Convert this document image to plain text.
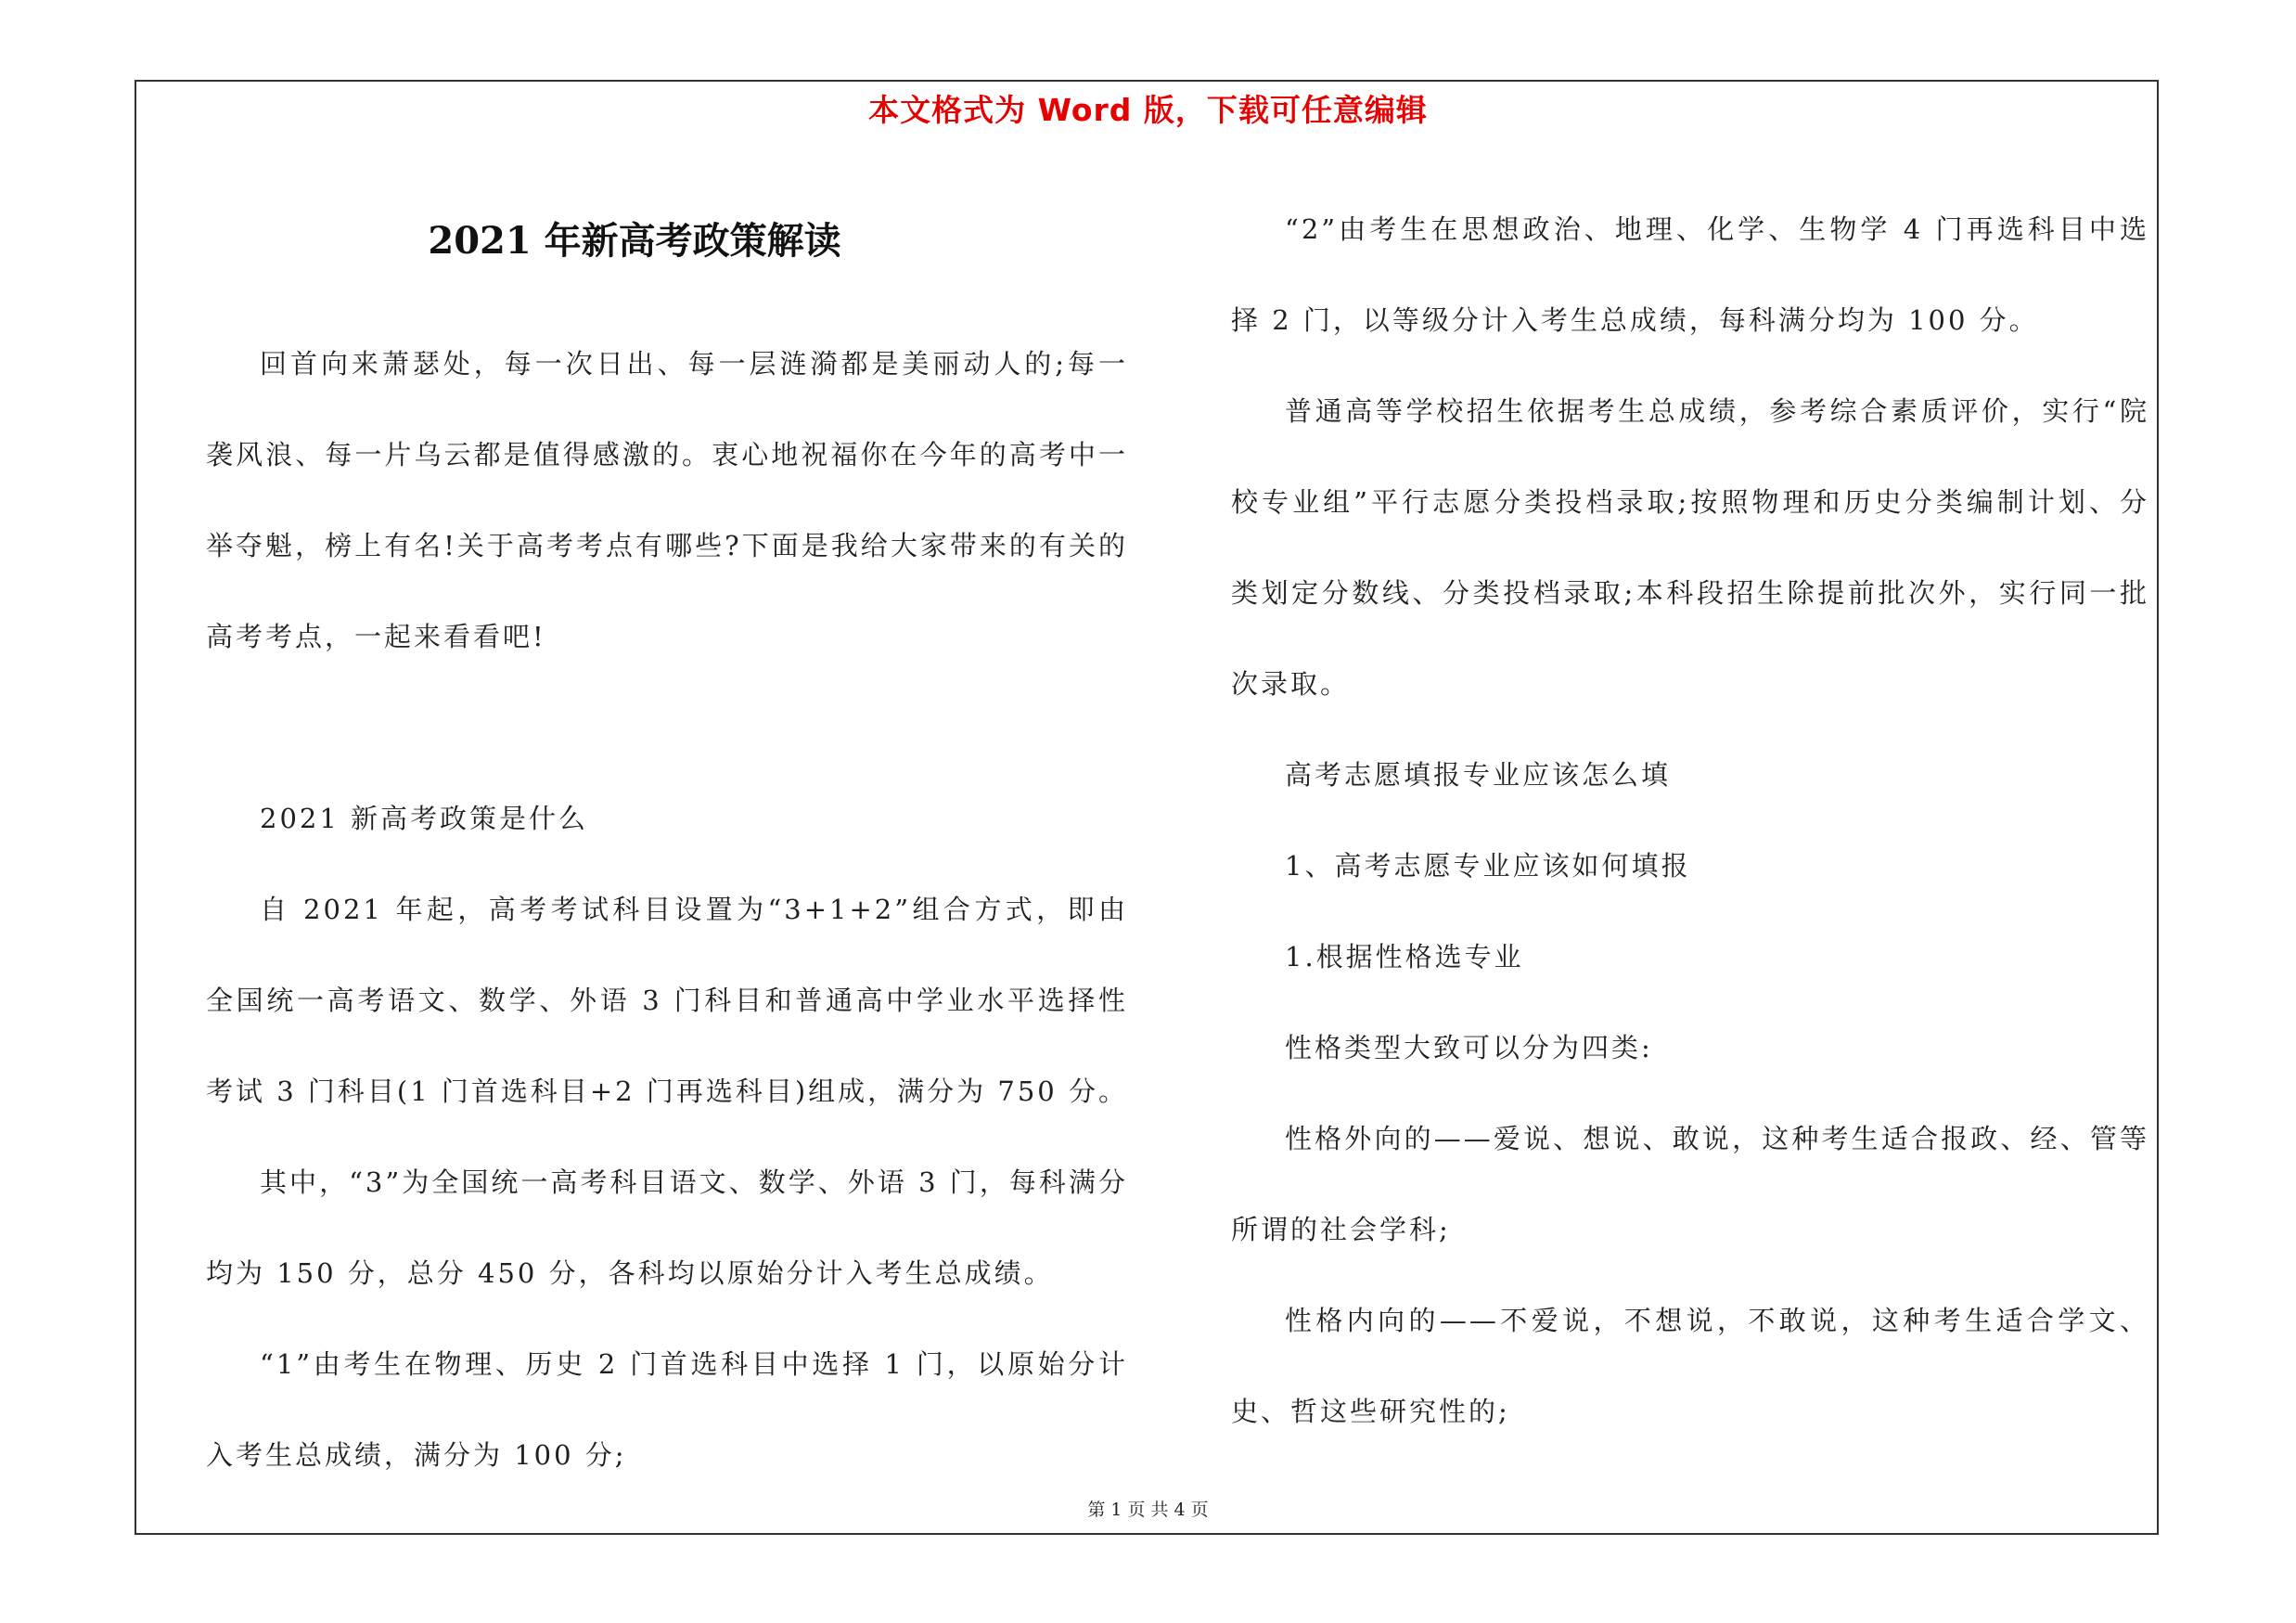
本文格式为 Word 版，下载可任意编辑
2021 年新高考政策解读

回首向来萧瑟处，每一次日出、每一层涟漪都是美丽动人的;每一袭风浪、每一片乌云都是值得感激的。衷心地祝福你在今年的高考中一举夺魁，榜上有名!关于高考考点有哪些?下面是我给大家带来的有关的高考考点，一起来看看吧!

2021 新高考政策是什么

自 2021 年起，高考考试科目设置为“3+1+2”组合方式，即由全国统一高考语文、数学、外语 3 门科目和普通高中学业水平选择性考试 3 门科目(1 门首选科目+2 门再选科目)组成，满分为 750 分。

其中，“3”为全国统一高考科目语文、数学、外语 3 门，每科满分均为 150 分，总分 450 分，各科均以原始分计入考生总成绩。

“1”由考生在物理、历史 2 门首选科目中选择 1 门，以原始分计入考生总成绩，满分为 100 分;

“2”由考生在思想政治、地理、化学、生物学 4 门再选科目中选择 2 门，以等级分计入考生总成绩，每科满分均为 100 分。

普通高等学校招生依据考生总成绩，参考综合素质评价，实行“院校专业组”平行志愿分类投档录取;按照物理和历史分类编制计划、分类划定分数线、分类投档录取;本科段招生除提前批次外，实行同一批次录取。

高考志愿填报专业应该怎么填

1、高考志愿专业应该如何填报

1.根据性格选专业

性格类型大致可以分为四类:

性格外向的——爱说、想说、敢说，这种考生适合报政、经、管等所谓的社会学科;

性格内向的——不爱说，不想说，不敢说，这种考生适合学文、史、哲这些研究性的;

第 1 页 共 4 页
